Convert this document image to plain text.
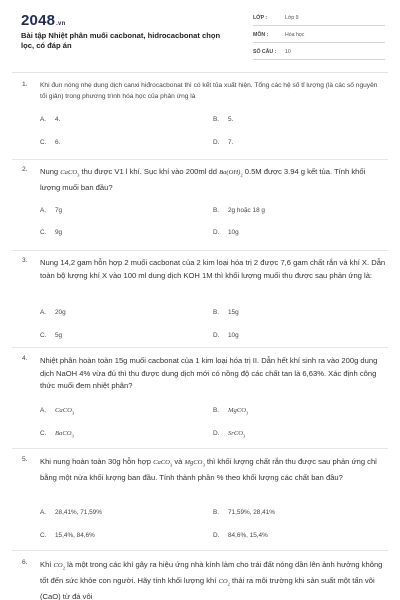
2048.vn
Bài tập Nhiệt phân muối cacbonat, hidrocacbonat chọn lọc, có đáp án
LỚP :	Lớp 9
MÔN :	Hóa học
SỐ CÂU : 10
1. Khi đun nóng nhẹ dung dịch canxi hiđrocacbonat thì có kết tủa xuất hiện. Tổng các hệ số tỉ lượng (là các số nguyên tối giản) trong phương trình hóa học của phản ứng là
A. 4.	B. 5.
C. 6.	D. 7.
2. Nung CaCO$_3$ thu được V1 l khí. Sục khí vào 200ml dd $Ba(OH)_2$ 0.5M được 3.94 g kết tủa. Tính khối lượng muối ban đầu?
A. 7g	B. 2g hoặc 18 g
C. 9g	D. 10g
3. Nung 14,2 gam hỗn hợp 2 muối cacbonat của 2 kim loại hóa trị 2 được 7,6 gam chất rắn và khí X. Dẫn toàn bộ lượng khí X vào 100 ml dung dịch KOH 1M thì khối lượng muối thu được sau phản ứng là:
A. 20g	B. 15g
C. 5g	D. 10g
4. Nhiệt phân hoàn toàn 15g muối cacbonat của 1 kim loại hóa trị II. Dẫn hết khí sinh ra vào 200g dung dịch NaOH 4% vừa đủ thì thu được dung dịch mới có nồng độ các chất tan là 6,63%. Xác định công thức muối đem nhiệt phân?
A. CaCO$_3$	B. MgCO$_3$
C. BaCO$_3$	D. SrCO$_3$
5. Khi nung hoàn toàn 30g hỗn hợp CaCO$_3$ và MgCO$_3$ thì khối lượng chất rắn thu được sau phản ứng chỉ bằng một nửa khối lượng ban đầu. Tính thành phần % theo khối lượng các chất ban đầu?
A. 28,41%, 71,59%	B. 71,59%, 28,41%
C. 15,4%, 84,6%	D. 84,6%, 15,4%
6. Khí $CO_2$ là một trong các khí gây ra hiệu ứng nhà kính làm cho trái đất nóng dần lên ảnh hưởng không tốt đến sức khỏe con người. Hãy tính khối lượng khí $CO_2$ thải ra môi trường khi sản suất một tấn vôi (CaO) từ đá vôi
